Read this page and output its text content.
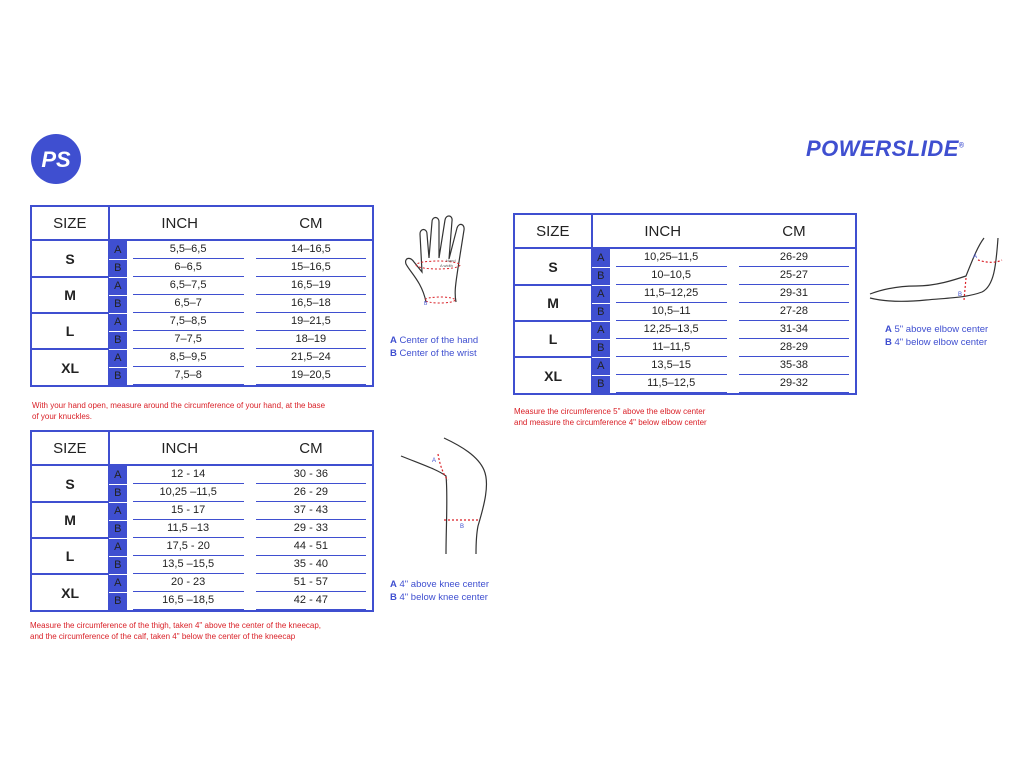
PS	POWERSLIDE®
SIZE	INCH		CM
S	A	5,5–6,5	14–16,5

	B	6–6,5	15–16,5

M	A	6,5–7,5	16,5–19

	B	6,5–7	16,5–18

L	A	7,5–8,5	19–21,5

	B	7–7,5	18–19

XL	A	8,5–9,5	21,5–24

	B	7,5–8	19–20,5
With your hand open, measure around the circumference of your hand, at the base
of your knuckles.
SIZE	INCH		CM
S	A	12 - 14	30 - 36

	B	10,25 –11,5	26 - 29

M	A	15 - 17	37 - 43

	B	11,5 –13	29 - 33

L	A	17,5 - 20	44 - 51

	B	13,5 –15,5	35 - 40

XL	A	20 - 23	51 - 57

	B	16,5 –18,5	42 - 47
Measure the circumference of the thigh, taken 4" above the center of the kneecap,
and the circumference of the calf, taken 4" below the center of the kneecap
SIZE	INCH		CM
S	A	10,25–11,5	26-29

	B	10–10,5	25-27

M	A	11,5–12,25	29-31

	B	10,5–11	27-28

L	A	12,25–13,5	31-34

	B	11–11,5	28-29

XL	A	13,5–15	35-38

	B	11,5–12,5	29-32
Measure the circumference 5" above the elbow center
and measure the circumference 4" below elbow center
Hand
A width
B
A Center of the hand
B Center of the wrist
A
B
A 4" above knee center
B 4" below knee center
A
B
A 5" above elbow center
B 4" below elbow center
